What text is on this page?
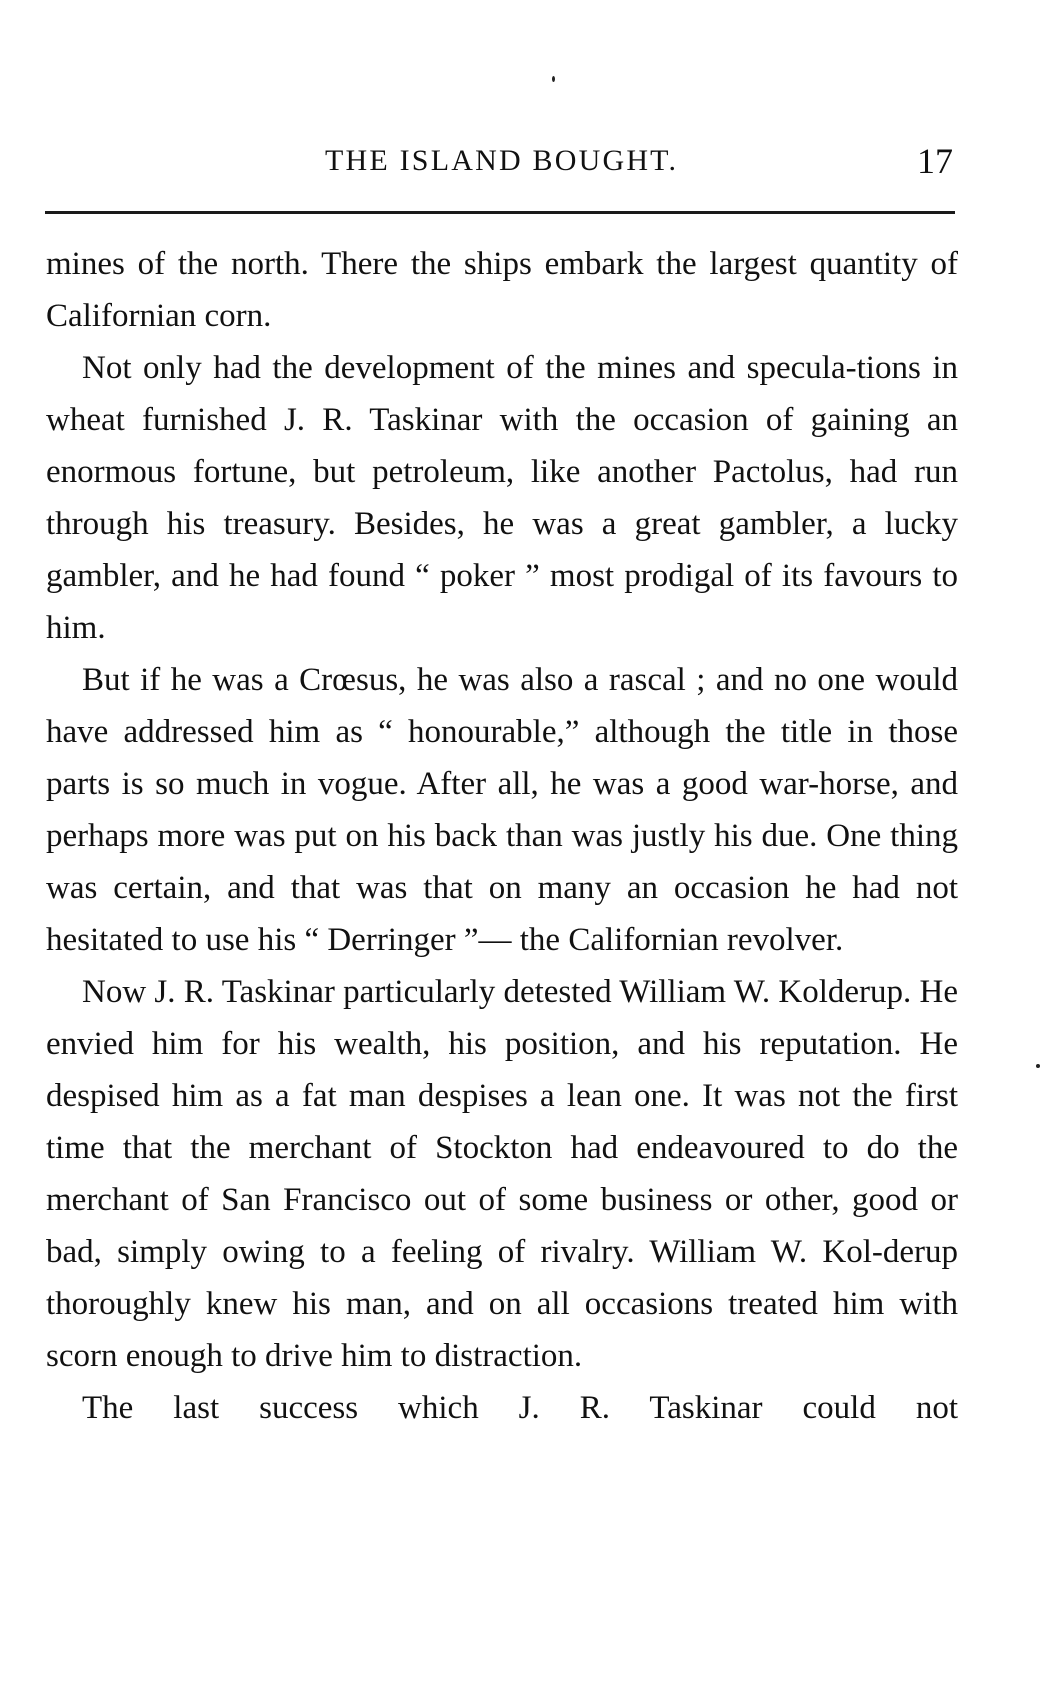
THE ISLAND BOUGHT.	17

mines of the north. There the ships embark the largest quantity of Californian corn.

Not only had the development of the mines and specula-tions in wheat furnished J. R. Taskinar with the occasion of gaining an enormous fortune, but petroleum, like another Pactolus, had run through his treasury. Besides, he was a great gambler, a lucky gambler, and he had found “ poker ” most prodigal of its favours to him.

But if he was a Crœsus, he was also a rascal ; and no one would have addressed him as “ honourable,” although the title in those parts is so much in vogue. After all, he was a good war-horse, and perhaps more was put on his back than was justly his due. One thing was certain, and that was that on many an occasion he had not hesitated to use his “ Derringer ”— the Californian revolver.

Now J. R. Taskinar particularly detested William W. Kolderup. He envied him for his wealth, his position, and his reputation. He despised him as a fat man despises a lean one. It was not the first time that the merchant of Stockton had endeavoured to do the merchant of San Francisco out of some business or other, good or bad, simply owing to a feeling of rivalry. William W. Kol-derup thoroughly knew his man, and on all occasions treated him with scorn enough to drive him to distraction.

The last success which J. R. Taskinar could not
